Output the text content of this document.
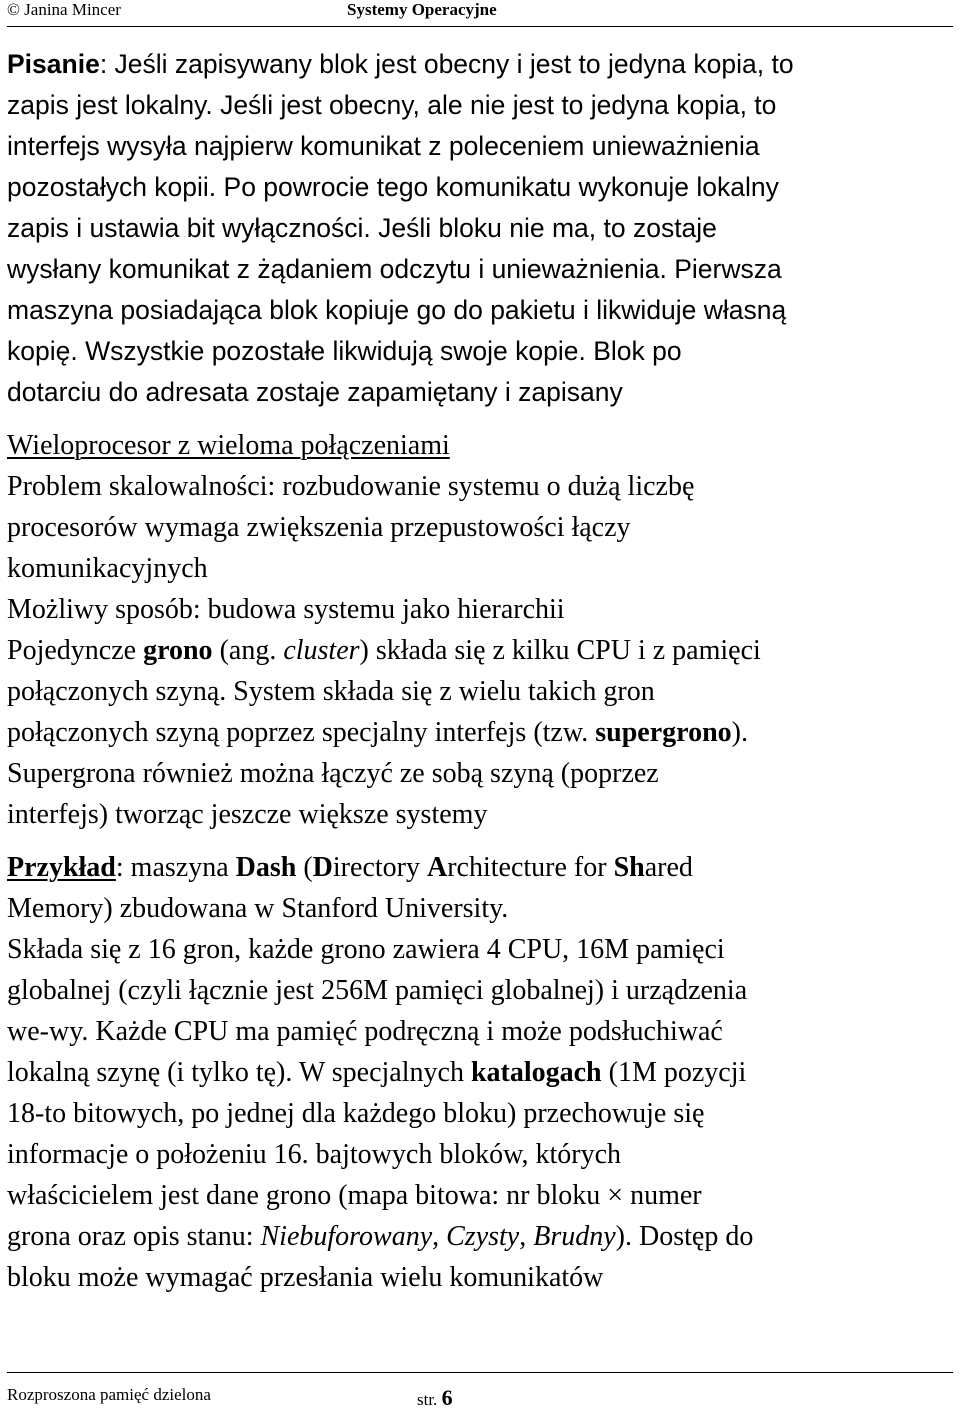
© Janina Mincer	Systemy Operacyjne
Pisanie: Jeśli zapisywany blok jest obecny i jest to jedyna kopia, to
zapis jest lokalny. Jeśli jest obecny, ale nie jest to jedyna kopia, to
interfejs wysyła najpierw komunikat z poleceniem unieważnienia
pozostałych kopii. Po powrocie tego komunikatu wykonuje lokalny
zapis i ustawia bit wyłączności. Jeśli bloku nie ma, to zostaje
wysłany komunikat z żądaniem odczytu i unieważnienia. Pierwsza
maszyna posiadająca blok kopiuje go do pakietu i likwiduje własną
kopię. Wszystkie pozostałe likwidują swoje kopie. Blok po
dotarciu do adresata zostaje zapamiętany i zapisany
Wieloprocesor z wieloma połączeniami
Problem skalowalności: rozbudowanie systemu o dużą liczbę
procesorów wymaga zwiększenia przepustowości łączy
komunikacyjnych
Możliwy sposób: budowa systemu jako hierarchii
Pojedyncze grono (ang. cluster) składa się z kilku CPU i z pamięci
połączonych szyną. System składa się z wielu takich gron
połączonych szyną poprzez specjalny interfejs (tzw. supergrono).
Supergrona również można łączyć ze sobą szyną (poprzez
interfejs) tworząc jeszcze większe systemy
Przykład: maszyna Dash (Directory Architecture for Shared
Memory) zbudowana w Stanford University.
Składa się z 16 gron, każde grono zawiera 4 CPU, 16M pamięci
globalnej (czyli łącznie jest 256M pamięci globalnej) i urządzenia
we-wy. Każde CPU ma pamięć podręczną i może podsłuchiwać
lokalną szynę (i tylko tę). W specjalnych katalogach (1M pozycji
18-to bitowych, po jednej dla każdego bloku) przechowuje się
informacje o położeniu 16. bajtowych bloków, których
właścicielem jest dane grono (mapa bitowa: nr bloku × numer
grona oraz opis stanu: Niebuforowany, Czysty, Brudny). Dostęp do
bloku może wymagać przesłania wielu komunikatów
Rozproszona pamięć dzielona	str. 6
